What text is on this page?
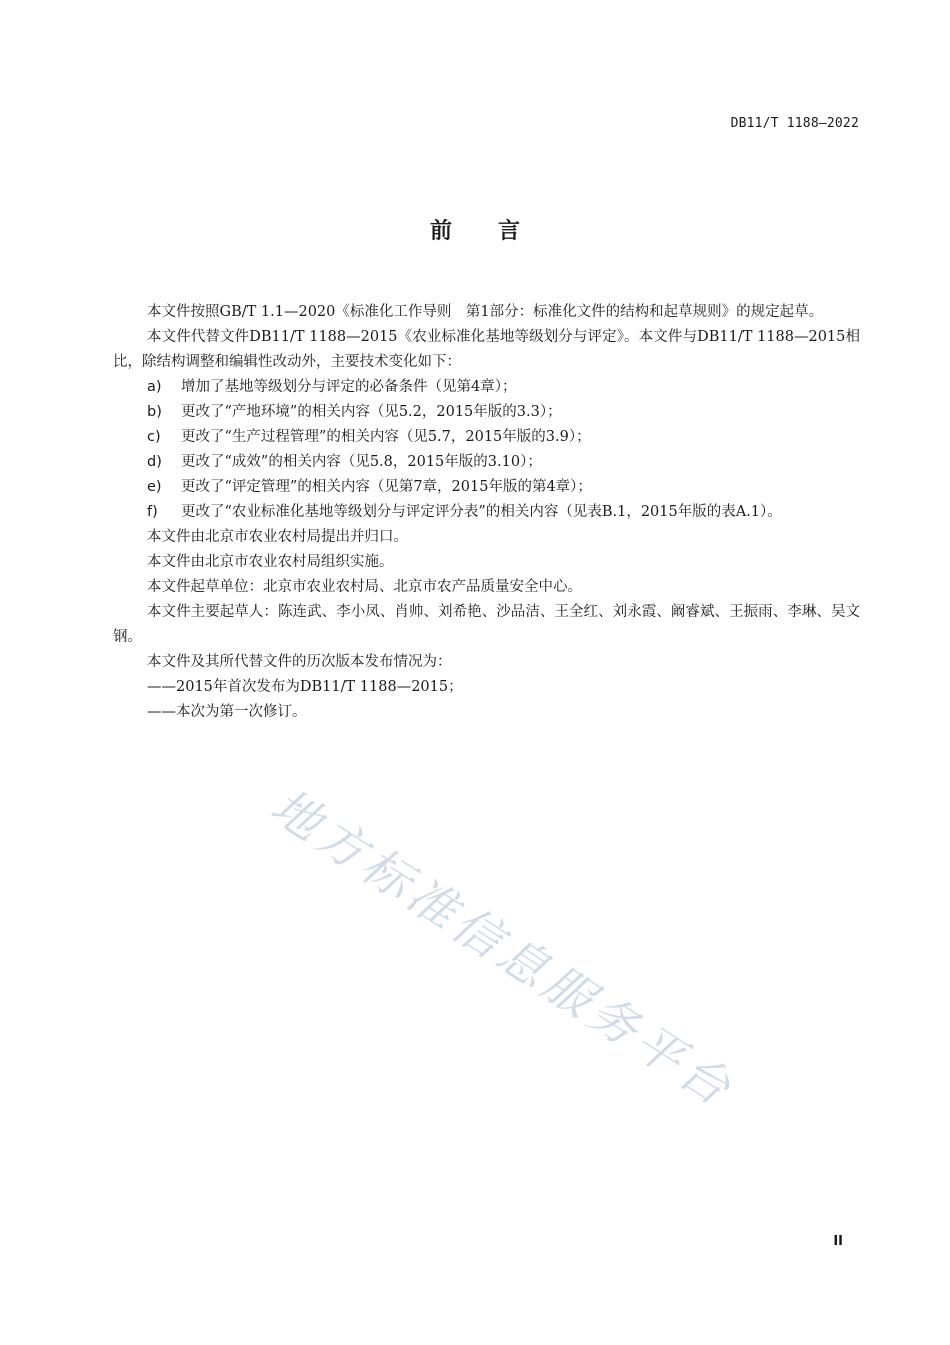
DB11/T 1188—2022
前言

本文件按照GB/T 1.1—2020《标准化工作导则　第1部分：标准化文件的结构和起草规则》的规定起草。

本文件代替文件DB11/T 1188—2015《农业标准化基地等级划分与评定》。本文件与DB11/T 1188—2015相比，除结构调整和编辑性改动外，主要技术变化如下：

a) 增加了基地等级划分与评定的必备条件（见第4章）；

b) 更改了“产地环境”的相关内容（见5.2，2015年版的3.3）；

c) 更改了“生产过程管理”的相关内容（见5.7，2015年版的3.9）；

d) 更改了“成效”的相关内容（见5.8，2015年版的3.10）；

e) 更改了“评定管理”的相关内容（见第7章，2015年版的第4章）；

f) 更改了“农业标准化基地等级划分与评定评分表”的相关内容（见表B.1，2015年版的表A.1）。

本文件由北京市农业农村局提出并归口。

本文件由北京市农业农村局组织实施。

本文件起草单位：北京市农业农村局、北京市农产品质量安全中心。

本文件主要起草人：陈连武、李小凤、肖帅、刘希艳、沙品洁、王全红、刘永霞、阚睿斌、王振雨、李琳、吴文钢。

本文件及其所代替文件的历次版本发布情况为：

——2015年首次发布为DB11/T 1188—2015；

——本次为第一次修订。

地方标准信息服务平台
II
